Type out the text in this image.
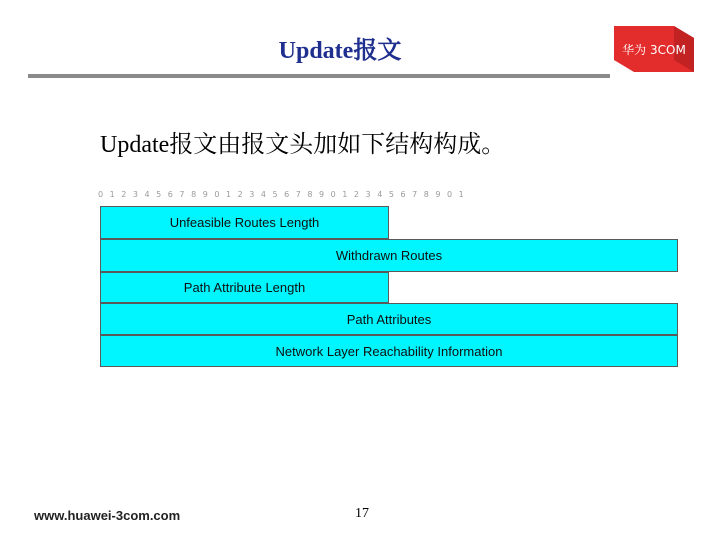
Update报文	华为 3COM
Update报文由报文头加如下结构构成。
0 1 2 3 4 5 6 7 8 9 0 1 2 3 4 5 6 7 8 9 0 1 2 3 4 5 6 7 8 9 0 1
Unfeasible Routes Length
Withdrawn Routes
Path Attribute Length
Path Attributes
Network Layer Reachability Information
www.huawei-3com.com	17
